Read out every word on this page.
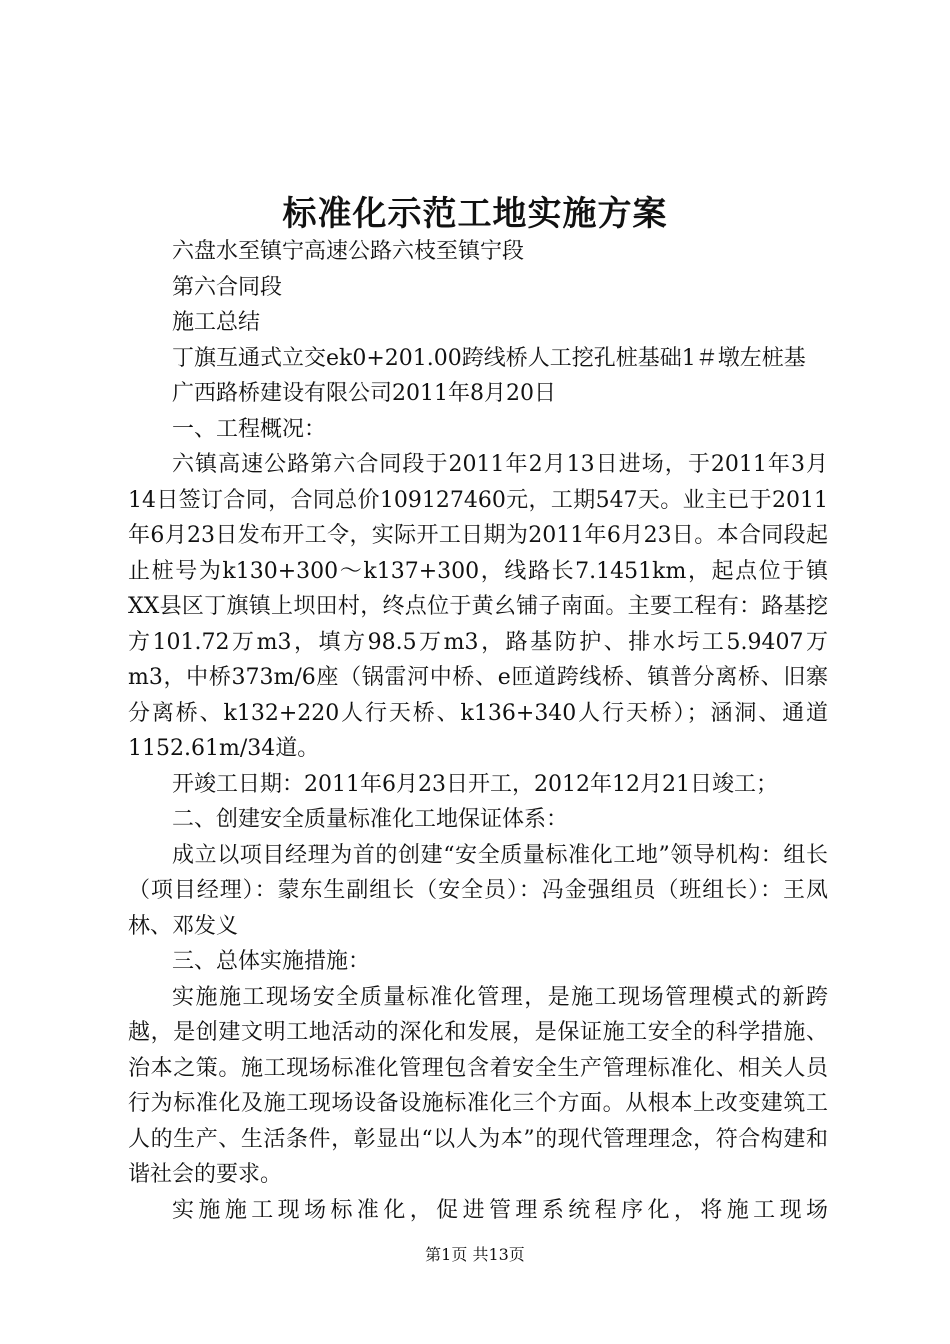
标准化示范工地实施方案

六盘水至镇宁高速公路六枝至镇宁段

第六合同段

施工总结

丁旗互通式立交ek0+201.00跨线桥人工挖孔桩基础1＃墩左桩基

广西路桥建设有限公司2011年8月20日

一、工程概况：

六镇高速公路第六合同段于2011年2月13日进场，于2011年3月14日签订合同，合同总价109127460元，工期547天。业主已于2011年6月23日发布开工令，实际开工日期为2011年6月23日。本合同段起止桩号为k130+300～k137+300，线路长7.1451km，起点位于镇XX县区丁旗镇上坝田村，终点位于黄幺铺子南面。主要工程有：路基挖方101.72万m3，填方98.5万m3，路基防护、排水圬工5.9407万m3，中桥373m/6座（锅雷河中桥、e匝道跨线桥、镇普分离桥、旧寨分离桥、k132+220人行天桥、k136+340人行天桥）；涵洞、通道1152.61m/34道。

开竣工日期：2011年6月23日开工，2012年12月21日竣工；

二、创建安全质量标准化工地保证体系：

成立以项目经理为首的创建“安全质量标准化工地”领导机构：组长（项目经理）：蒙东生副组长（安全员）：冯金强组员（班组长）：王凤林、邓发义

三、总体实施措施：

实施施工现场安全质量标准化管理，是施工现场管理模式的新跨越，是创建文明工地活动的深化和发展，是保证施工安全的科学措施、治本之策。施工现场标准化管理包含着安全生产管理标准化、相关人员行为标准化及施工现场设备设施标准化三个方面。从根本上改变建筑工人的生产、生活条件，彰显出“以人为本”的现代管理理念，符合构建和谐社会的要求。

实施施工现场标准化，促进管理系统程序化，将施工现场

第1页 共13页
